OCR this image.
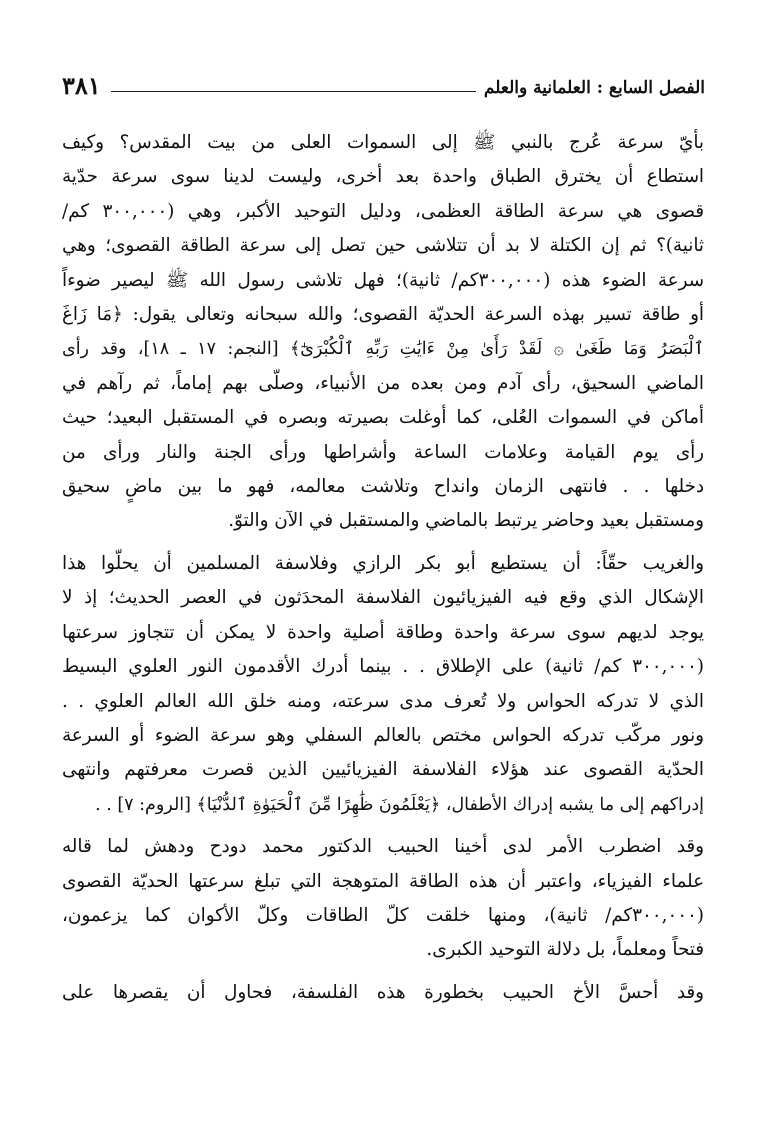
٣٨١	الفصل السابع : العلمانية والعلم

بأيّ سرعة عُرج بالنبي ﷺ إلى السموات العلى من بيت المقدس؟ وكيف
استطاع أن يخترق الطباق واحدة بعد أخرى، وليست لدينا سوى سرعة حدّية
قصوى هي سرعة الطاقة العظمى، ودليل التوحيد الأكبر، وهي (٣٠٠,٠٠٠ كم/
ثانية)؟ ثم إن الكتلة لا بد أن تتلاشى حين تصل إلى سرعة الطاقة القصوى؛ وهي
سرعة الضوء هذه (٣٠٠,٠٠٠كم/ ثانية)؛ فهل تلاشى رسول الله ﷺ ليصير ضوءاً
أو طاقة تسير بهذه السرعة الحديّة القصوى؛ والله سبحانه وتعالى يقول: ﴿مَا زَاغَ
ٱلْبَصَرُ وَمَا طَغَىٰ ۞ لَقَدْ رَأَىٰ مِنْ ءَايَٰتِ رَبِّهِ ٱلْكُبْرَىٰٓ﴾ [النجم: ١٧ ـ ١٨]، وقد رأى
الماضي السحيق، رأى آدم ومن بعده من الأنبياء، وصلّى بهم إماماً، ثم رآهم في
أماكن في السموات العُلى، كما أوغلت بصيرته وبصره في المستقبل البعيد؛ حيث
رأى يوم القيامة وعلامات الساعة وأشراطها ورأى الجنة والنار ورأى من
دخلها . . فانتهى الزمان وانداح وتلاشت معالمه، فهو ما بين ماضٍ سحيق
ومستقبل بعيد وحاضر يرتبط بالماضي والمستقبل في الآن والتوّ.

والغريب حقّاً: أن يستطيع أبو بكر الرازي وفلاسفة المسلمين أن يحلّوا هذا
الإشكال الذي وقع فيه الفيزيائيون الفلاسفة المحدَثون في العصر الحديث؛ إذ لا
يوجد لديهم سوى سرعة واحدة وطاقة أصلية واحدة لا يمكن أن تتجاوز سرعتها
(٣٠٠,٠٠٠ كم/ ثانية) على الإطلاق . . بينما أدرك الأقدمون النور العلوي البسيط
الذي لا تدركه الحواس ولا تُعرف مدى سرعته، ومنه خلق الله العالم العلوي . .
ونور مركّب تدركه الحواس مختص بالعالم السفلي وهو سرعة الضوء أو السرعة
الحدّية القصوى عند هؤلاء الفلاسفة الفيزيائيين الذين قصرت معرفتهم وانتهى
إدراكهم إلى ما يشبه إدراك الأطفال، ﴿يَعْلَمُونَ ظَٰهِرًا مِّنَ ٱلْحَيَوٰةِ ٱلدُّنْيَا﴾ [الروم: ٧] . .

وقد اضطرب الأمر لدى أخينا الحبيب الدكتور محمد دودح ودهش لما قاله
علماء الفيزياء، واعتبر أن هذه الطاقة المتوهجة التي تبلغ سرعتها الحديّة القصوى
(٣٠٠,٠٠٠كم/ ثانية)، ومنها خلقت كلّ الطاقات وكلّ الأكوان كما يزعمون،
فتحاً ومعلماً، بل دلالة التوحيد الكبرى.

وقد أحسَّ الأخ الحبيب بخطورة هذه الفلسفة، فحاول أن يقصرها على
